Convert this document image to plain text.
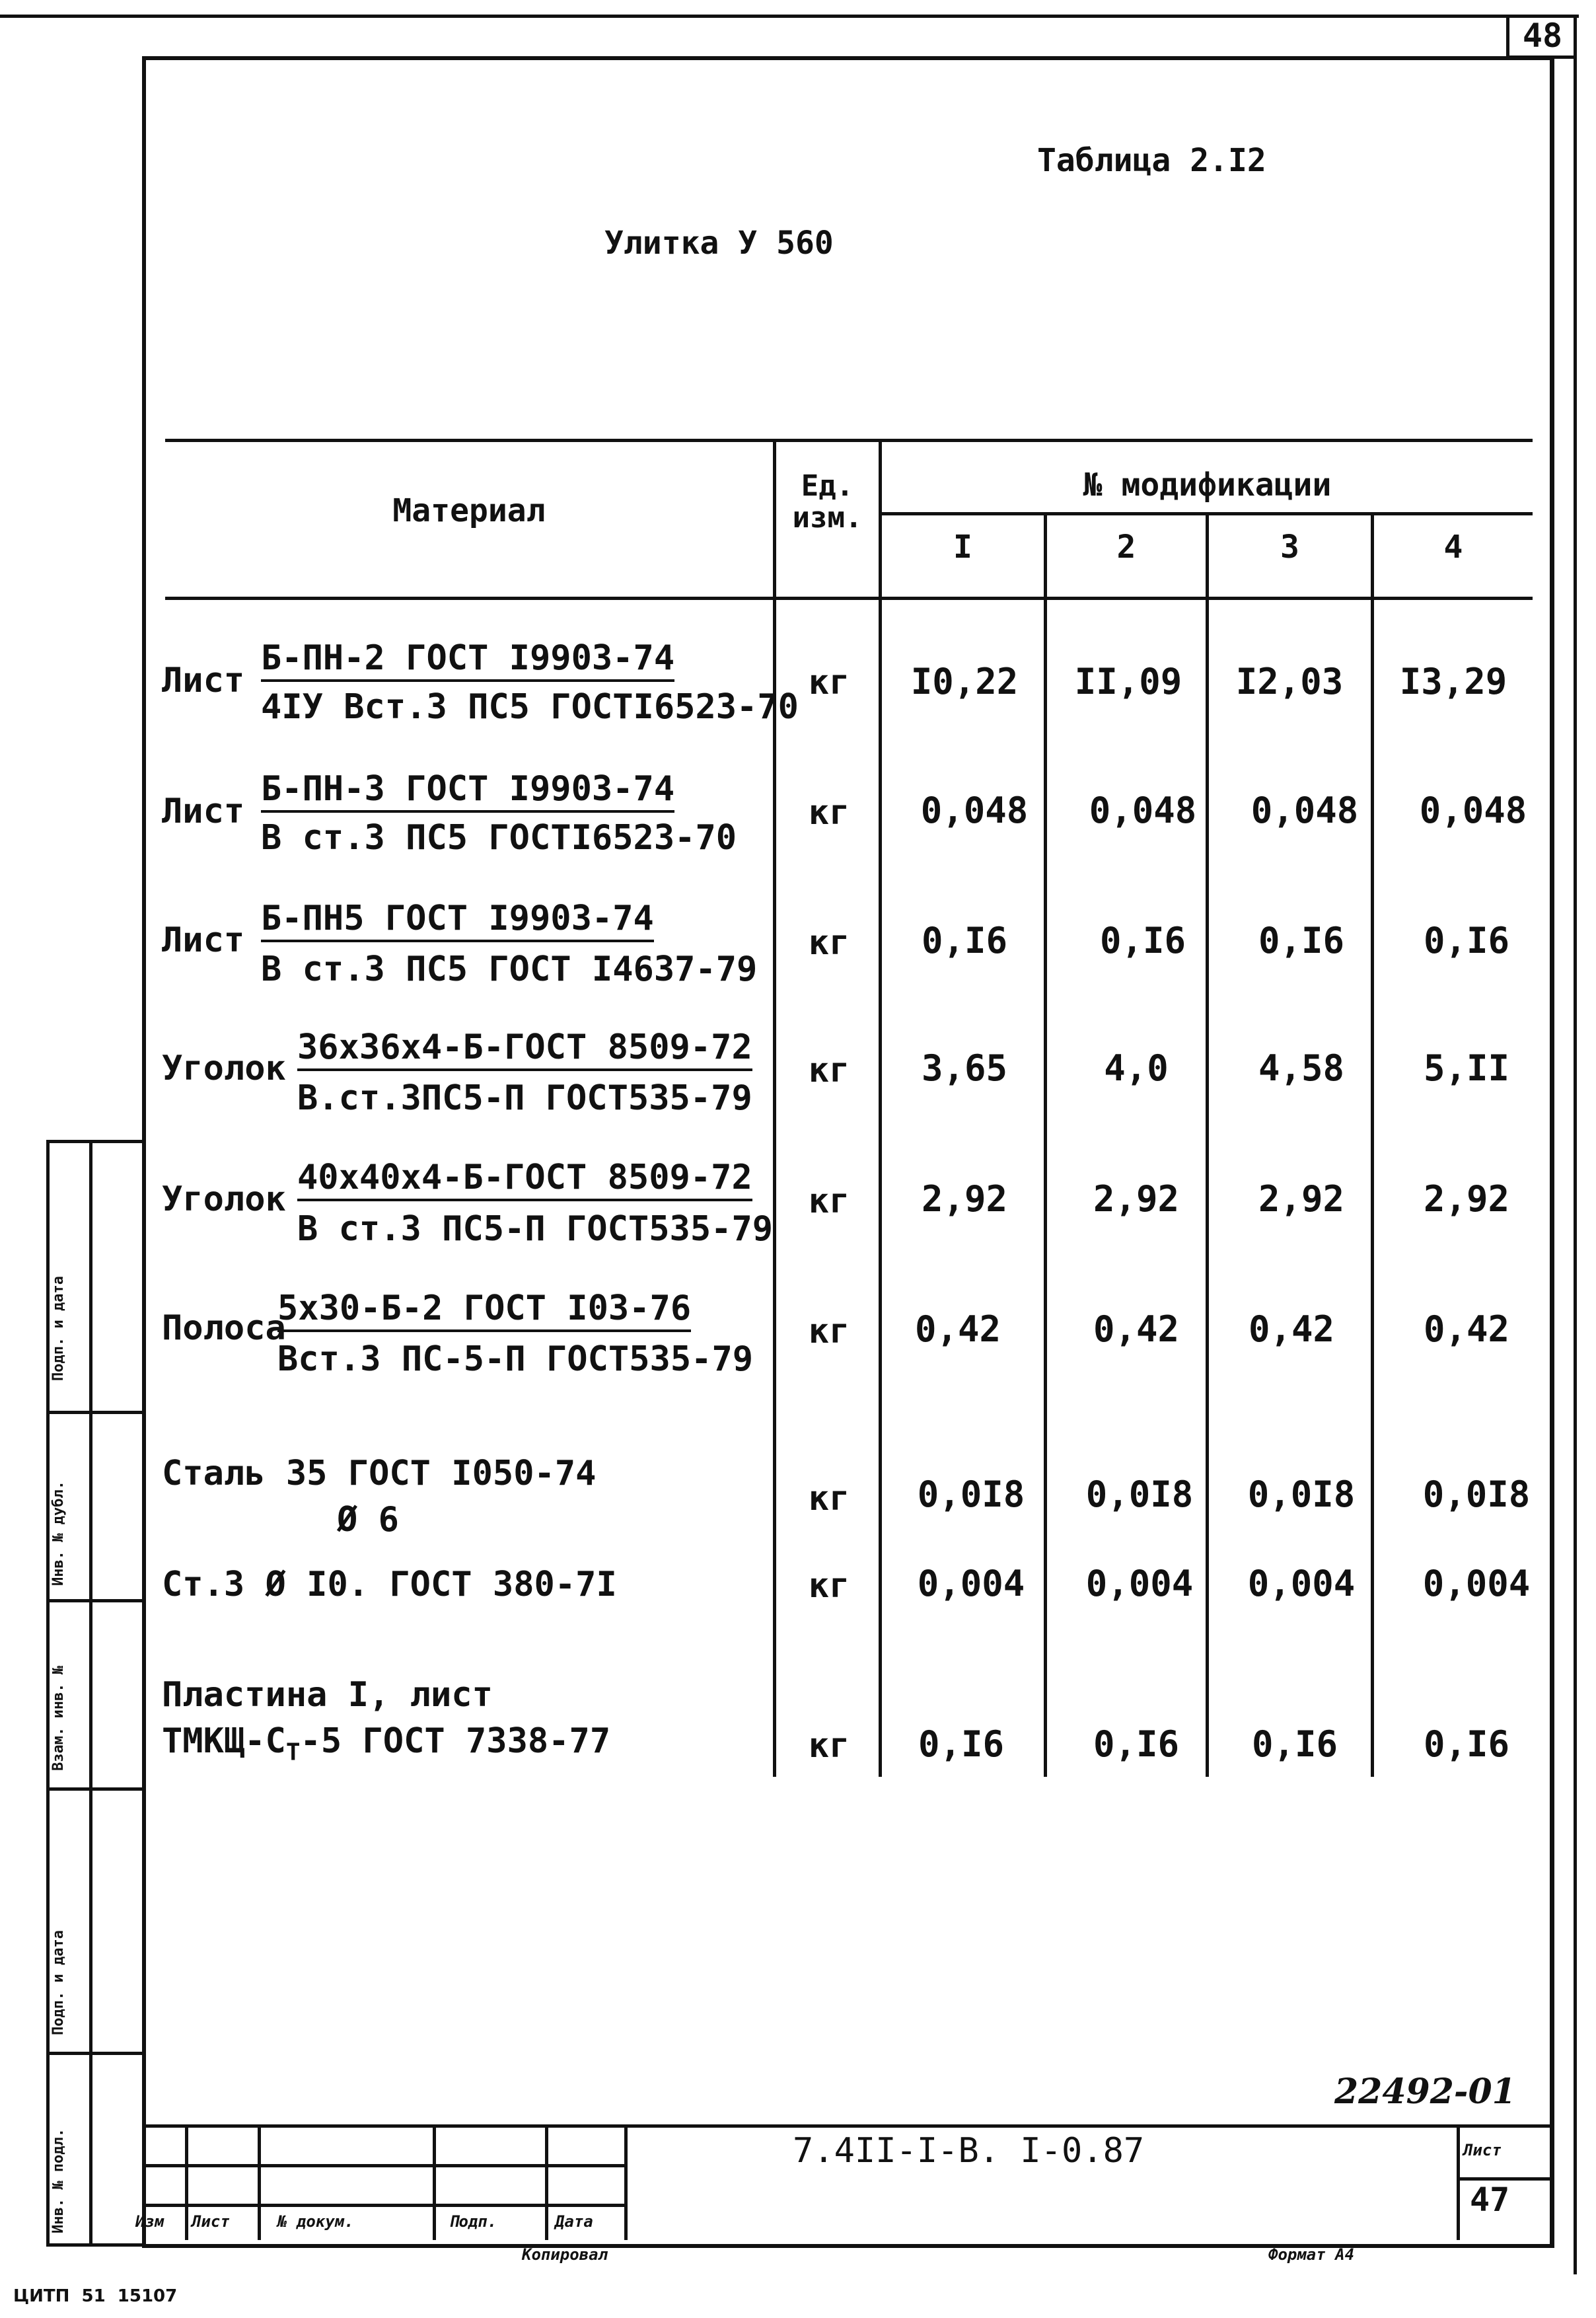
48
Таблица 2.I2
Улитка У 560
Материал
Ед.
изм.
№ модификации
I	2	3	4
Лист
Б-ПН-2 ГОСТ I9903-74
4IУ Вст.3 ПС5 ГОСТI6523-70
кг	I0,22	II,09	I2,03	I3,29
Лист
Б-ПН-3 ГОСТ I9903-74
В ст.3 ПС5 ГОСТI6523-70
кг	0,048	0,048	0,048	0,048
Лист
Б-ПН5 ГОСТ I9903-74
В ст.3 ПС5 ГОСТ I4637-79
кг	0,I6	0,I6	0,I6	0,I6
Уголок
36х36х4-Б-ГОСТ 8509-72
В.ст.3ПС5-П ГОСТ535-79
кг	3,65	4,0	4,58	5,II
Уголок
40х40х4-Б-ГОСТ 8509-72
В ст.3 ПС5-П ГОСТ535-79
кг	2,92	2,92	2,92	2,92
Полоса
5х30-Б-2 ГОСТ I03-76
Вст.3 ПС-5-П ГОСТ535-79
кг	0,42	0,42	0,42	0,42
Сталь 35 ГОСТ I050-74
Ø 6
кг	0,0I8	0,0I8	0,0I8	0,0I8
Ст.3 Ø I0. ГОСТ 380-7I	кг	0,004	0,004	0,004	0,004
Пластина I, лист
ТМКЩ-$С_Т-5$ ГОСТ 7338-77	кг	0,I6	0,I6	0,I6	0,I6
Инв. № подл.
Подп. и дата
Взам. инв. №
Инв. № дубл.
Подп. и дата
Изм Лист	№ докум.	Подп.	Дата
7.4II-I-В. I-0.87
22492-01
Лист
47
Копировал	Формат А4
ЦИТП  51  15107
